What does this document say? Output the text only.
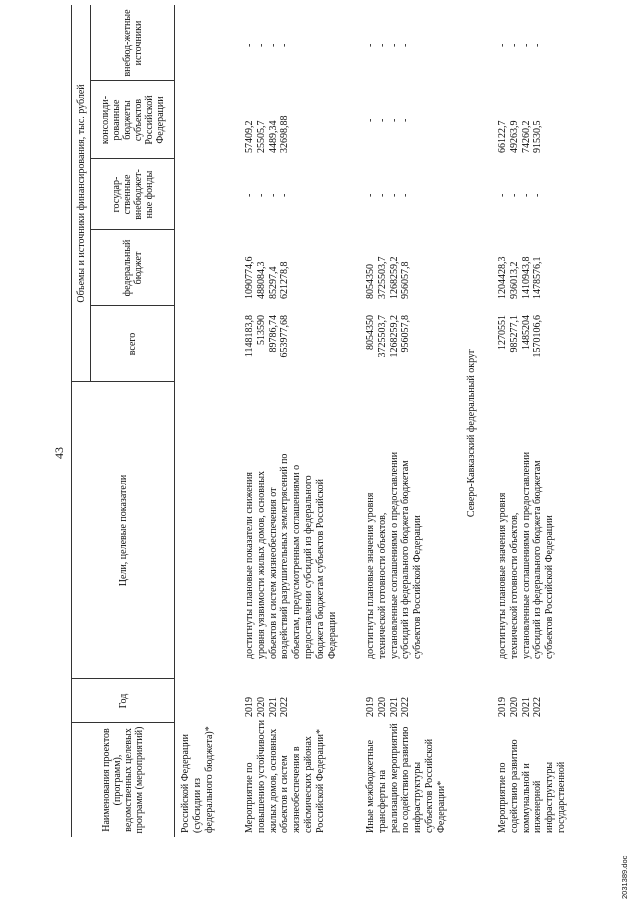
43
Наименования проектов (программ), ведомственных целевых программ (мероприятий)
Год
Цели, целевые показатели
Объемы и источники финансирования, тыс. рублей
всего
федеральный бюджет
государ-ственные внебюджет-ные фонды
консолиди-рованные бюджеты субъектов Российской Федерации
внебюд-жетные источники
Российской Федерации (субсидии из федерального бюджета)*	Мероприятие по повышению устойчивости жилых домов, основных объектов и систем жизнеобеспечения в сейсмических районах Российской Федерации*
2019 2020 2021 2022
достигнуты плановые показатели снижения уровня уязвимости жилых домов, основных объектов и систем жизнеобеспечения от воздействий разрушительных землетрясений по объектам, предусмотренным соглашениями о предоставлении субсидий из федерального бюджета бюджетам субъектов Российской Федерации
1148183,8 513590 89786,74 653977,68
1090774,6 488084,3 85297,4 621278,8
- - - -
57409,2 25505,7 4489,34 32698,88
- - - -
Иные межбюджетные трансферты на реализацию мероприятий по содействию развитию инфраструктуры субъектов Российской Федерации*
2019 2020 2021 2022
достигнуты плановые значения уровня технической готовности объектов, установленные соглашениями о предоставлении субсидий из федерального бюджета бюджетам субъектов Российской Федерации
8054350 3725503,7 1268259,2 956057,8
8054350 3725503,7 1268259,2 956057,8
- - - -
- - - -
- - - -
Северо-Кавказский федеральный округ
Мероприятие по содействию развитию коммунальной и инженерной инфраструктуры государственной
2019 2020 2021 2022
достигнуты плановые значения уровня технической готовности объектов, установленные соглашениями о предоставлении субсидий из федерального бюджета бюджетам субъектов Российской Федерации
1270551 985277,1 1485204 1570106,6
1204428,3 936013,2 1410943,8 1478576,1
- - - -
66122,7 49263,9 74260,2 91530,5
- - - -
2031389.doc
